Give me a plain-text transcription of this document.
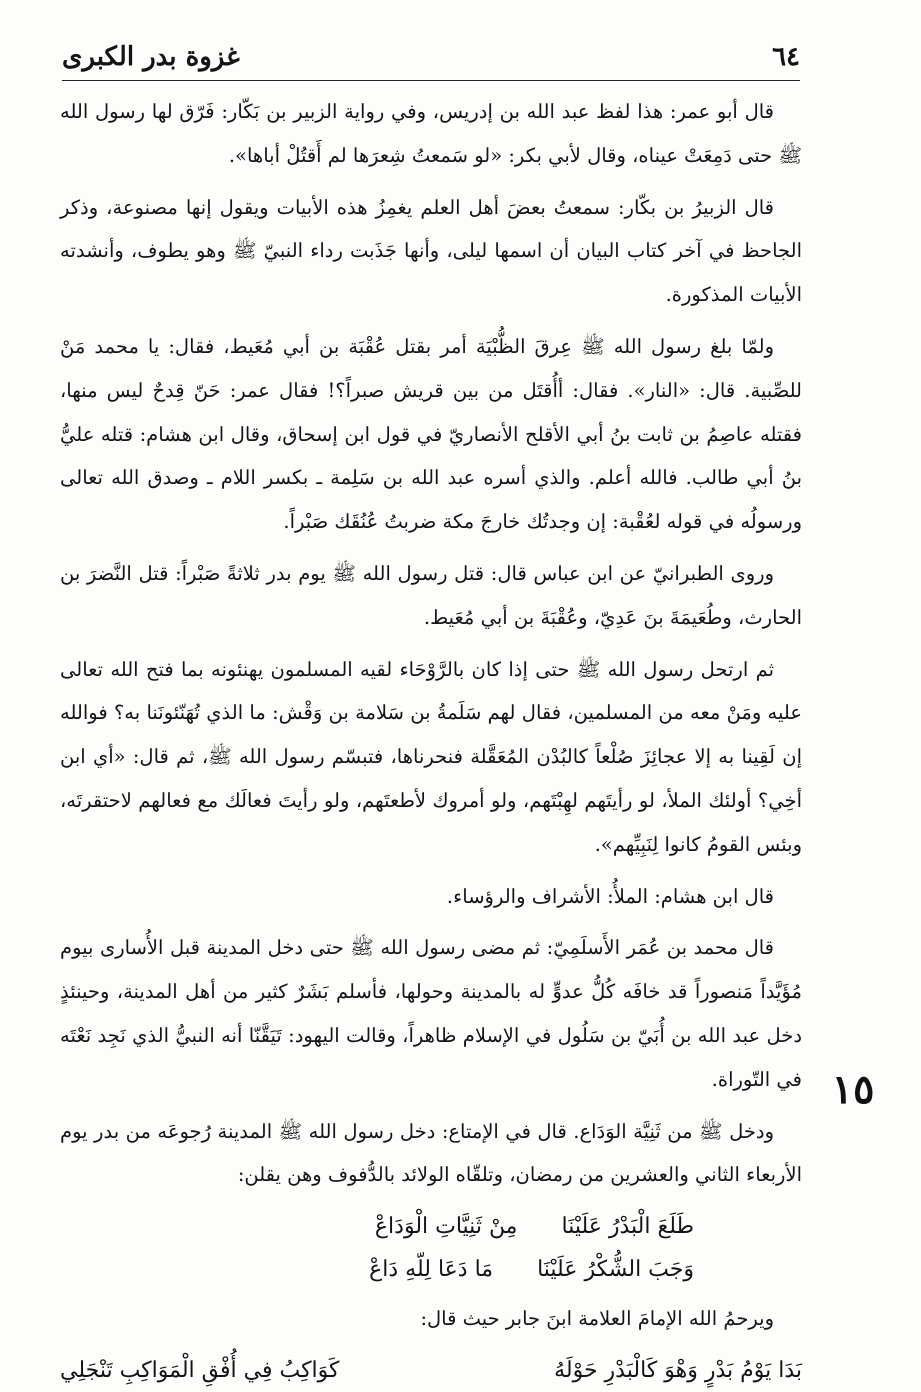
٦٤
غزوة بدر الكبرى

قال أبو عمر: هذا لفظ عبد الله بن إدريس، وفي رواية الزبير بن بَكّار: فَرّق لها رسول الله ﷺ حتى دَمِعَتْ عيناه، وقال لأبي بكر: «لو سَمعتُ شِعرَها لم أَقتُلْ أباها».

قال الزبيرُ بن بكّار: سمعتُ بعضَ أهل العلم يغمِزُ هذه الأبيات ويقول إنها مصنوعة، وذكر الجاحظ في آخر كتاب البيان أن اسمها ليلى، وأنها جَذَبت رداء النبيّ ﷺ وهو يطوف، وأنشدته الأبيات المذكورة.

ولمّا بلغ رسول الله ﷺ عِرقَ الظُّبْيَة أمر بقتل عُقْبَة بن أبي مُعَيط، فقال: يا محمد مَنْ للصِّبية. قال: «النار». فقال: أأُقتَل من بين قريش صبراً؟! فقال عمر: حَنّ قِدحٌ ليس منها، فقتله عاصِمُ بن ثابت بنُ أبي الأقلح الأنصاريّ في قول ابن إسحاق، وقال ابن هشام: قتله عليُّ بنُ أبي طالب. فالله أعلم. والذي أسره عبد الله بن سَلِمة ـ بكسر اللام ـ وصدق الله تعالى ورسولُه في قوله لعُقْبة: إن وجدتُك خارجَ مكة ضربتُ عُنُقَك صَبْراً.

وروى الطبرانيّ عن ابن عباس قال: قتل رسول الله ﷺ يوم بدر ثلاثةً صَبْراً: قتل النَّضرَ بن الحارث، وطُعَيمَةَ بنَ عَدِيّ، وعُقْبَةَ بن أبي مُعَيط.

ثم ارتحل رسول الله ﷺ حتى إذا كان بالرَّوْحَاء لقيه المسلمون يهنئونه بما فتح الله تعالى عليه ومَنْ معه من المسلمين، فقال لهم سَلَمةُ بن سَلامة بن وَقْش: ما الذي تُهَنّئونَنا به؟ فوالله إن لَقِينا به إلا عجائِزَ صُلْعاً كالبُدْن المُعَقَّلة فنحرناها، فتبسّم رسول الله ﷺ، ثم قال: «أي ابن أخِي؟ أولئك الملأ، لو رأيتَهم لهِبْتَهم، ولو أمروك لأطعتَهم، ولو رأيتَ فعالَك مع فعالهم لاحتقرتَه، وبئس القومُ كانوا لِنَبِيِّهم».

قال ابن هشام: الملأُ: الأشراف والرؤساء.

قال محمد بن عُمَر الأَسلَمِيّ: ثم مضى رسول الله ﷺ حتى دخل المدينة قبل الأُسارى بيوم مُؤَيَّداً مَنصوراً قد خافَه كُلُّ عدوٍّ له بالمدينة وحولها، فأسلم بَشَرٌ كثير من أهل المدينة، وحينئذٍ دخل عبد الله بن أُبَيّ بن سَلُول في الإسلام ظاهراً، وقالت اليهود: تَيَقَّنّا أنه النبيُّ الذي نَجِد نَعْتَه في التّوراة.

ودخل ﷺ من ثَنِيَّة الوَدَاع. قال في الإمتاع: دخل رسول الله ﷺ المدينة رُجوعَه من بدر يوم الأربعاء الثاني والعشرين من رمضان، وتلقّاه الولائد بالدُّفوف وهن يقلن:

طَلَعَ الْبَدْرُ عَلَيْنَا
مِنْ ثَنِيَّاتِ الْوَدَاعْ
وَجَبَ الشُّكْرُ عَلَيْنَا
مَا دَعَا لِلّهِ دَاعْ

ويرحمُ الله الإمامَ العلامة ابنَ جابر حيث قال:

بَدَا يَوْمُ بَدْرٍ وَهْوَ كَالْبَدْرِ حَوْلَهُ
كَوَاكِبُ فِي أُفْقِ الْمَوَاكِبِ تَنْجَلِي
١٥
